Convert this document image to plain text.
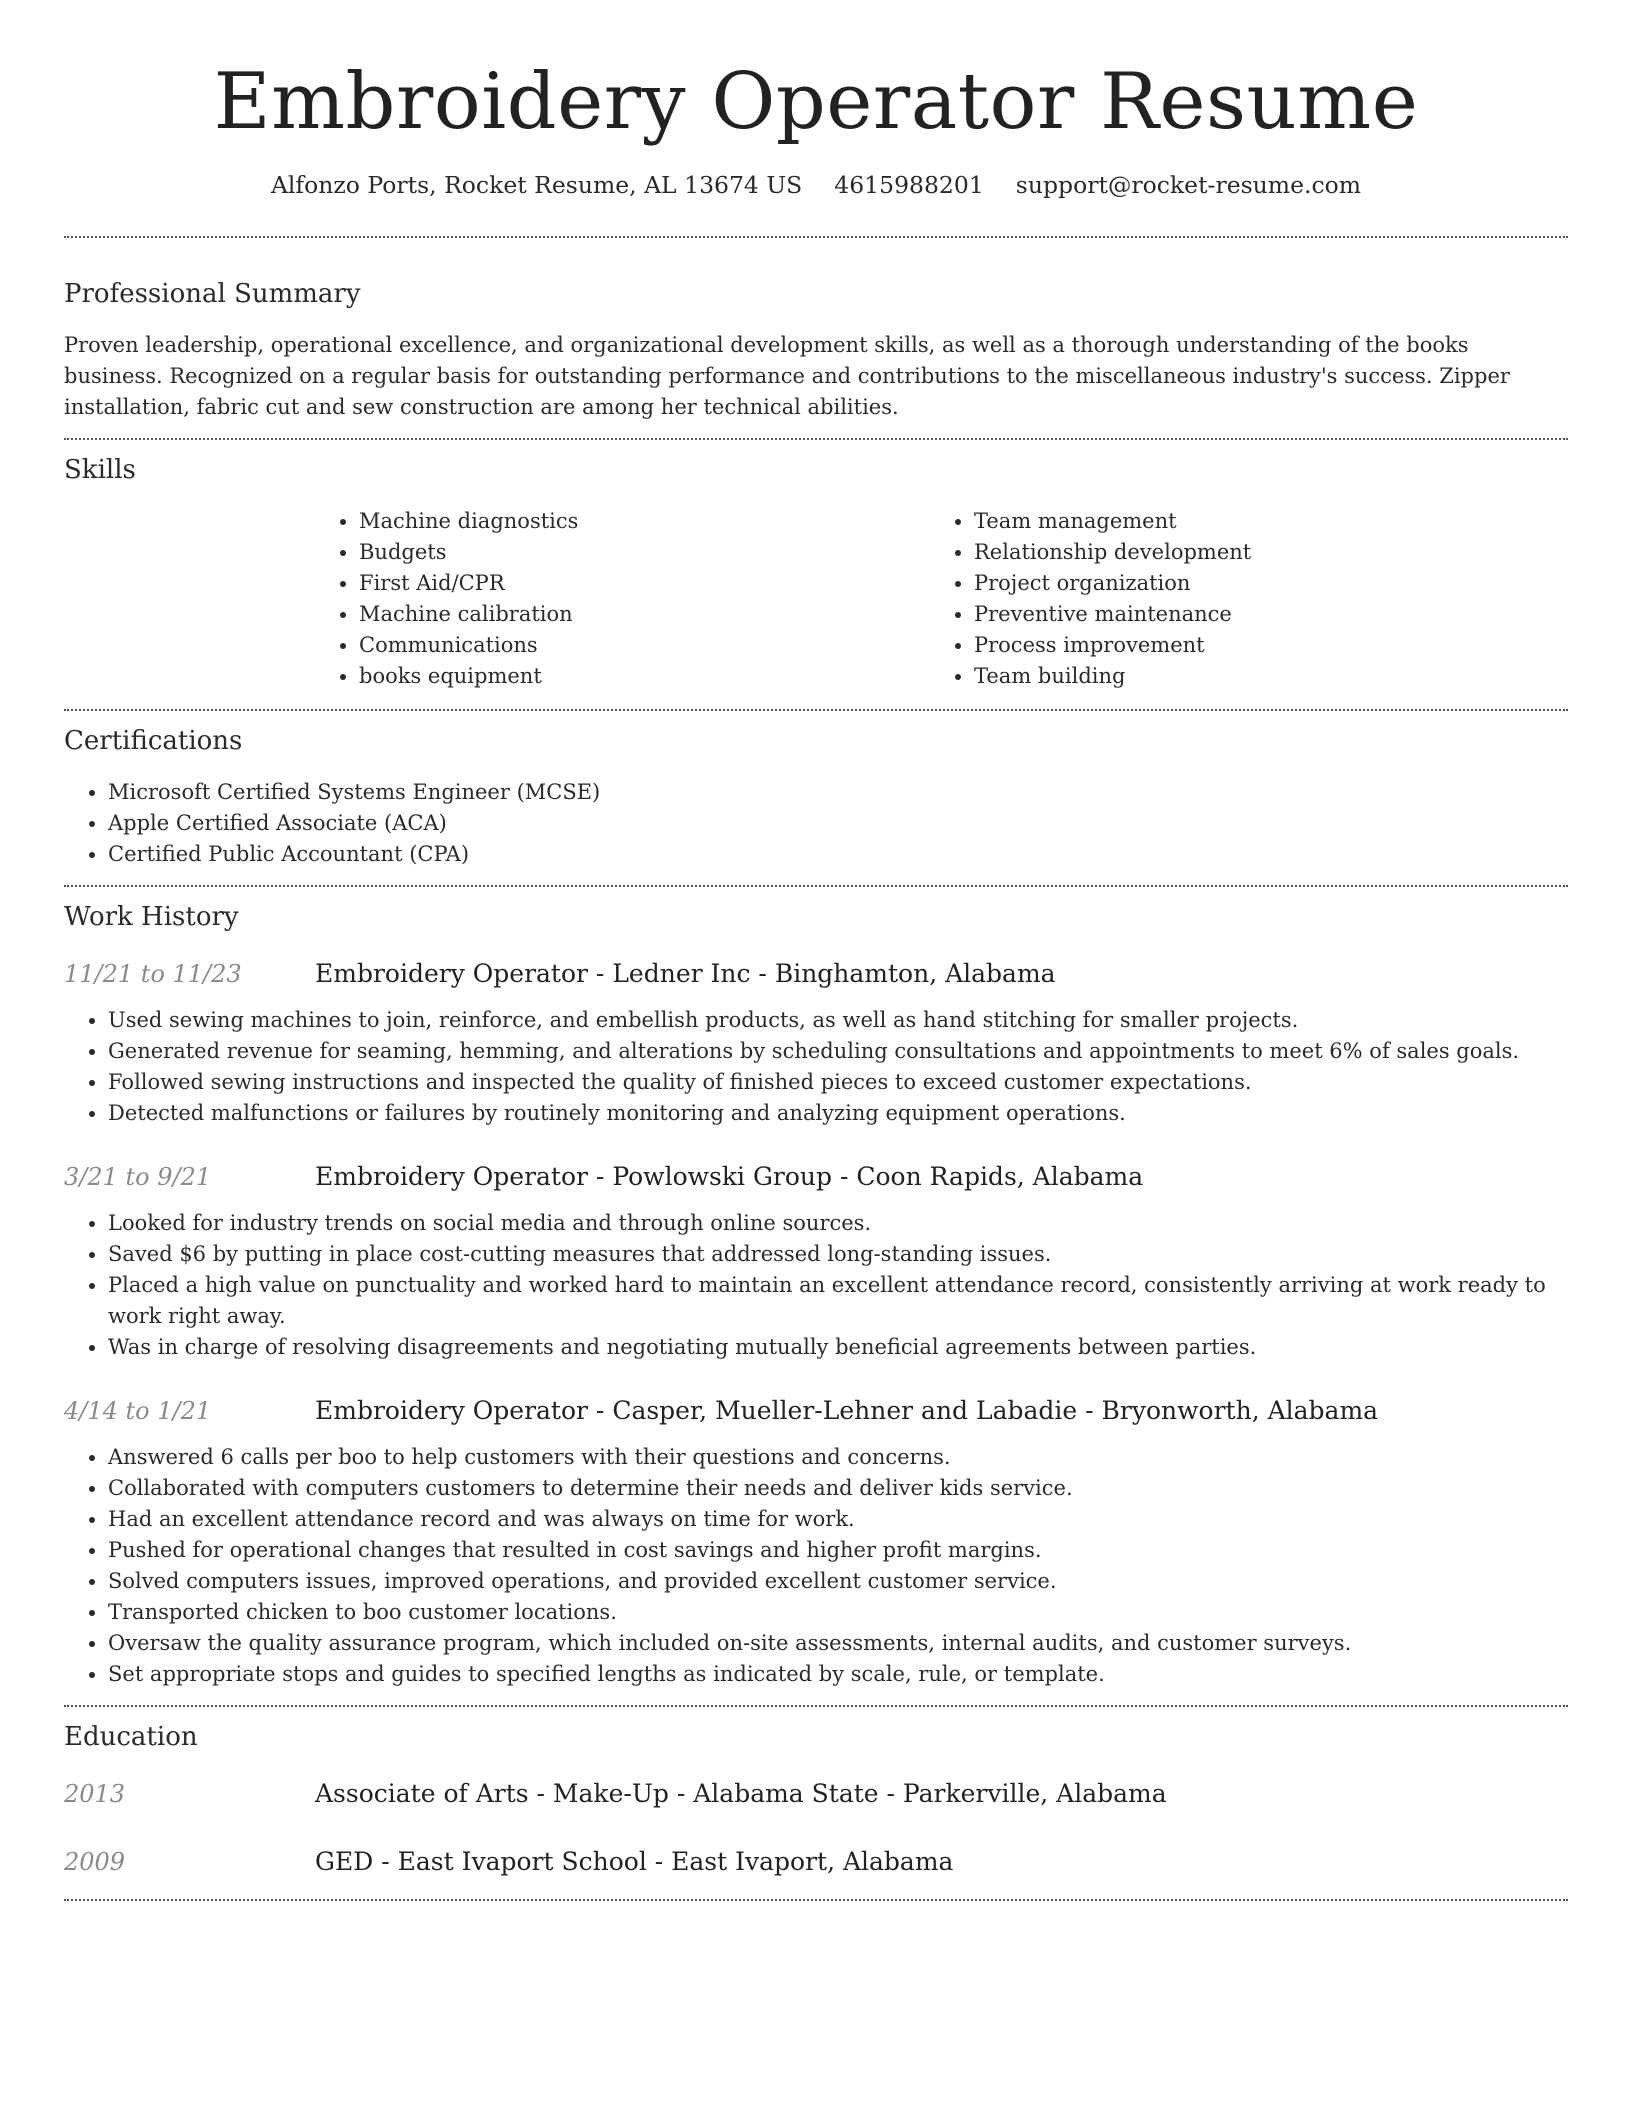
Embroidery Operator Resume
Alfonzo Ports, Rocket Resume, AL 13674 US 4615988201 support@rocket-resume.com
Professional Summary

Proven leadership, operational excellence, and organizational development skills, as well as a thorough understanding of the books business. Recognized on a regular basis for outstanding performance and contributions to the miscellaneous industry's success. Zipper installation, fabric cut and sew construction are among her technical abilities.

Skills
• Machine diagnostics
• Budgets
• First Aid/CPR
• Machine calibration
• Communications
• books equipment
• Team management
• Relationship development
• Project organization
• Preventive maintenance
• Process improvement
• Team building
Certifications
• Microsoft Certified Systems Engineer (MCSE)
• Apple Certified Associate (ACA)
• Certified Public Accountant (CPA)
Work History
11/21 to 11/23	Embroidery Operator - Ledner Inc - Binghamton, Alabama
• Used sewing machines to join, reinforce, and embellish products, as well as hand stitching for smaller projects.
• Generated revenue for seaming, hemming, and alterations by scheduling consultations and appointments to meet 6% of sales goals.
• Followed sewing instructions and inspected the quality of finished pieces to exceed customer expectations.
• Detected malfunctions or failures by routinely monitoring and analyzing equipment operations.
3/21 to 9/21	Embroidery Operator - Powlowski Group - Coon Rapids, Alabama
• Looked for industry trends on social media and through online sources.
• Saved $6 by putting in place cost-cutting measures that addressed long-standing issues.
• Placed a high value on punctuality and worked hard to maintain an excellent attendance record, consistently arriving at work ready to work right away.
• Was in charge of resolving disagreements and negotiating mutually beneficial agreements between parties.
4/14 to 1/21	Embroidery Operator - Casper, Mueller-Lehner and Labadie - Bryonworth, Alabama
• Answered 6 calls per boo to help customers with their questions and concerns.
• Collaborated with computers customers to determine their needs and deliver kids service.
• Had an excellent attendance record and was always on time for work.
• Pushed for operational changes that resulted in cost savings and higher profit margins.
• Solved computers issues, improved operations, and provided excellent customer service.
• Transported chicken to boo customer locations.
• Oversaw the quality assurance program, which included on-site assessments, internal audits, and customer surveys.
• Set appropriate stops and guides to specified lengths as indicated by scale, rule, or template.
Education
2013	Associate of Arts - Make-Up - Alabama State - Parkerville, Alabama
2009	GED - East Ivaport School - East Ivaport, Alabama
